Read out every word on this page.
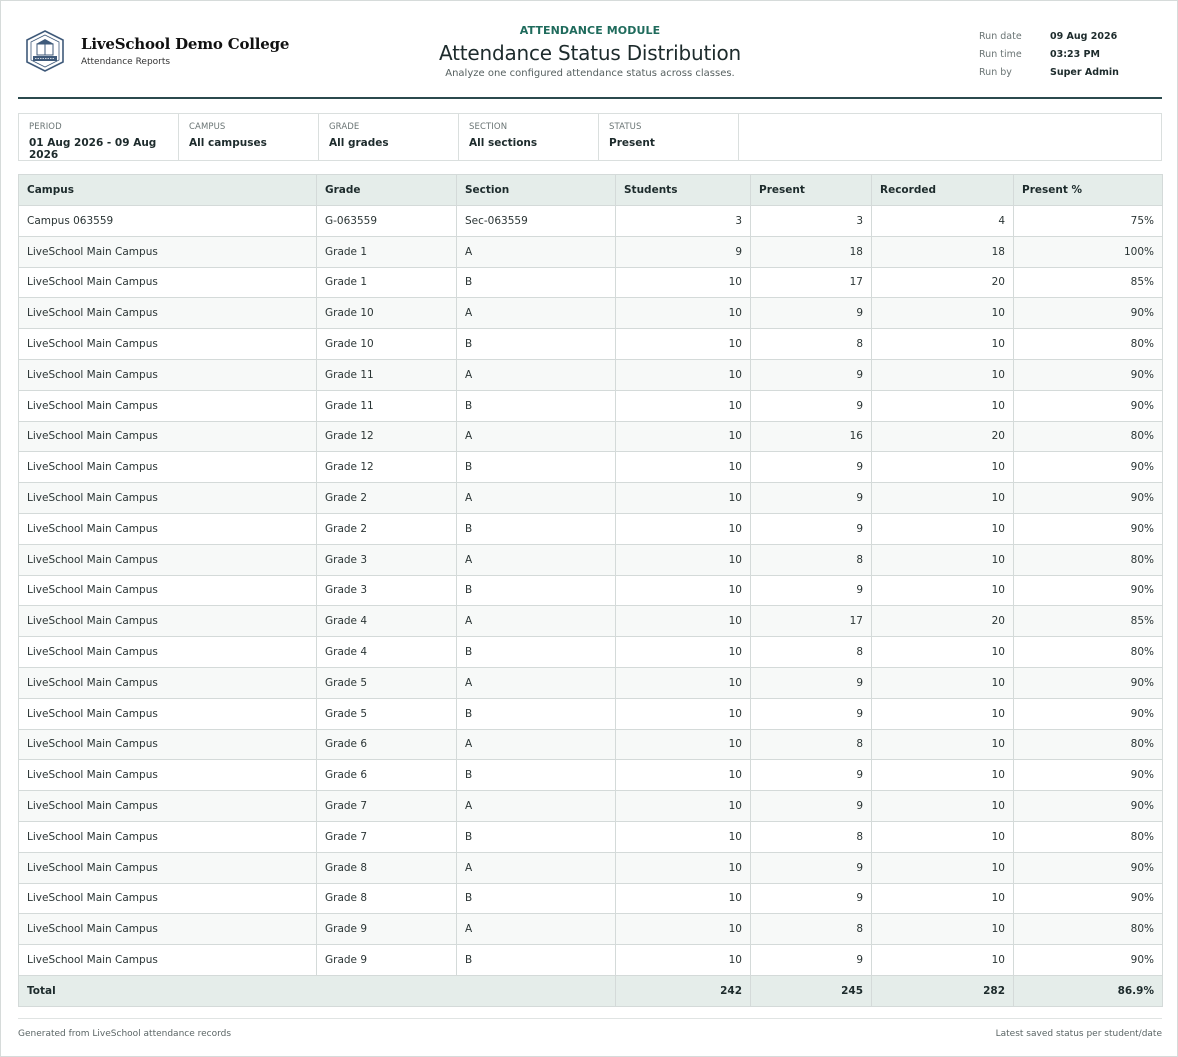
LiveSchool Demo College
Attendance Reports
ATTENDANCE MODULE
Attendance Status Distribution
Analyze one configured attendance status across classes.
Run date	09 Aug 2026
Run time	03:23 PM
Run by	Super Admin
PERIOD
01 Aug 2026 - 09 Aug 2026
CAMPUS
All campuses
GRADE
All grades
SECTION
All sections
STATUS
Present
Campus	Grade	Section	Students	Present	Recorded	Present %
Campus 063559	G-063559	Sec-063559	3	3	4	75%
LiveSchool Main Campus	Grade 1	A	9	18	18	100%
LiveSchool Main Campus	Grade 1	B	10	17	20	85%
LiveSchool Main Campus	Grade 10	A	10	9	10	90%
LiveSchool Main Campus	Grade 10	B	10	8	10	80%
LiveSchool Main Campus	Grade 11	A	10	9	10	90%
LiveSchool Main Campus	Grade 11	B	10	9	10	90%
LiveSchool Main Campus	Grade 12	A	10	16	20	80%
LiveSchool Main Campus	Grade 12	B	10	9	10	90%
LiveSchool Main Campus	Grade 2	A	10	9	10	90%
LiveSchool Main Campus	Grade 2	B	10	9	10	90%
LiveSchool Main Campus	Grade 3	A	10	8	10	80%
LiveSchool Main Campus	Grade 3	B	10	9	10	90%
LiveSchool Main Campus	Grade 4	A	10	17	20	85%
LiveSchool Main Campus	Grade 4	B	10	8	10	80%
LiveSchool Main Campus	Grade 5	A	10	9	10	90%
LiveSchool Main Campus	Grade 5	B	10	9	10	90%
LiveSchool Main Campus	Grade 6	A	10	8	10	80%
LiveSchool Main Campus	Grade 6	B	10	9	10	90%
LiveSchool Main Campus	Grade 7	A	10	9	10	90%
LiveSchool Main Campus	Grade 7	B	10	8	10	80%
LiveSchool Main Campus	Grade 8	A	10	9	10	90%
LiveSchool Main Campus	Grade 8	B	10	9	10	90%
LiveSchool Main Campus	Grade 9	A	10	8	10	80%
LiveSchool Main Campus	Grade 9	B	10	9	10	90%
Total			242	245	282	86.9%
Generated from LiveSchool attendance records	Latest saved status per student/date
